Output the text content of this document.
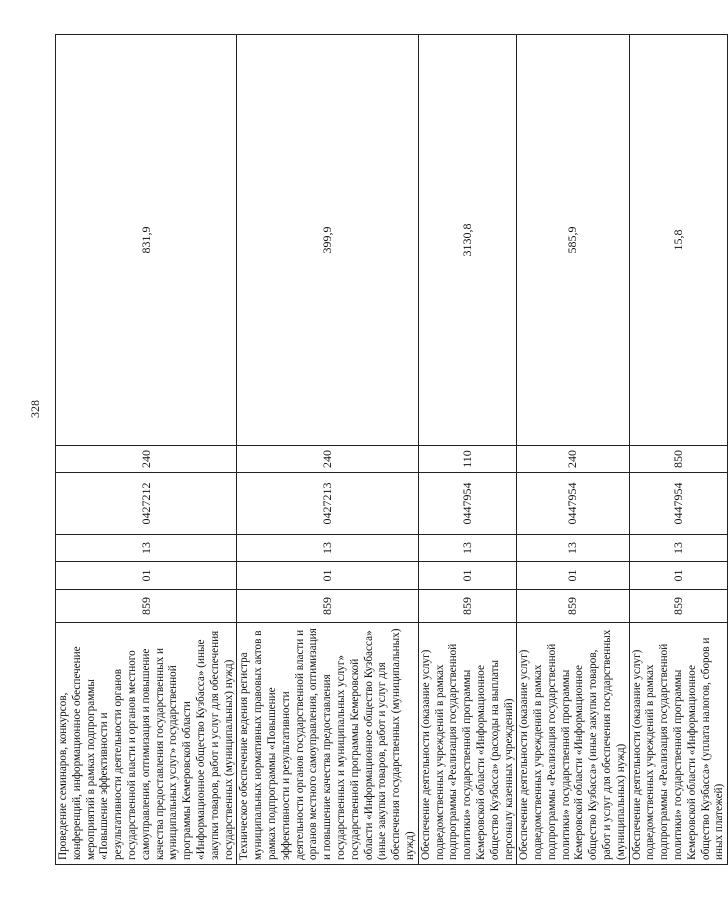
328
Проведение семинаров, конкурсов, конференций, информационное обеспечение мероприятий в рамках подпрограммы «Повышение эффективности и результативности деятельности органов государственной власти и органов местного самоуправления, оптимизация и повышение качества предоставления государственных и муниципальных услуг» государственной программы Кемеровской области «Информационное общество Кузбасса» (иные закупки товаров, работ и услуг для обеспечения государственных (муниципальных) нужд)	859	01	13	0427212	240	831,9
Техническое обеспечение ведения регистра муниципальных нормативных правовых актов в рамках подпрограммы «Повышение эффективности и результативности деятельности органов государственной власти и органов местного самоуправления, оптимизация и повышение качества предоставления государственных и муниципальных услуг» государственной программы Кемеровской области «Информационное общество Кузбасса» (иные закупки товаров, работ и услуг для обеспечения государственных (муниципальных) нужд)	859	01	13	0427213	240	399,9
Обеспечение деятельности (оказание услуг) подведомственных учреждений в рамках подпрограммы «Реализация государственной политики» государственной программы Кемеровской области «Информационное общество Кузбасса» (расходы на выплаты персоналу казенных учреждений)	859	01	13	0447954	110	3130,8
Обеспечение деятельности (оказание услуг) подведомственных учреждений в рамках подпрограммы «Реализация государственной политики» государственной программы Кемеровской области «Информационное общество Кузбасса» (иные закупки товаров, работ и услуг для обеспечения государственных (муниципальных) нужд)	859	01	13	0447954	240	585,9
Обеспечение деятельности (оказание услуг) подведомственных учреждений в рамках подпрограммы «Реализация государственной политики» государственной программы Кемеровской области «Информационное общество Кузбасса» (уплата налогов, сборов и иных платежей)	859	01	13	0447954	850	15,8
